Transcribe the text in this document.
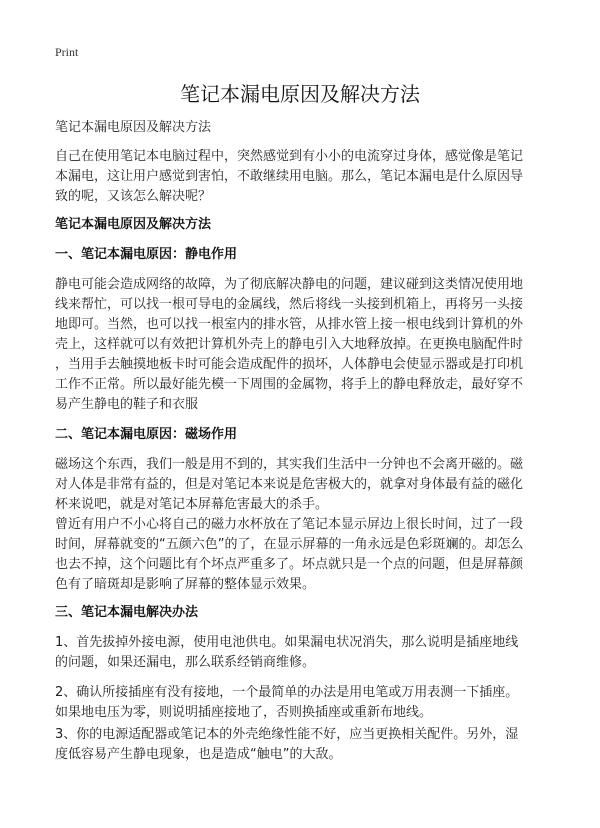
Print
笔记本漏电原因及解决方法
笔记本漏电原因及解决方法
自己在使用笔记本电脑过程中，突然感觉到有小小的电流穿过身体，感觉像是笔记
本漏电，这让用户感觉到害怕，不敢继续用电脑。那么，笔记本漏电是什么原因导
致的呢，又该怎么解决呢？
笔记本漏电原因及解决方法
一、笔记本漏电原因：静电作用
静电可能会造成网络的故障，为了彻底解决静电的问题，建议碰到这类情况使用地
线来帮忙，可以找一根可导电的金属线，然后将线一头接到机箱上，再将另一头接
地即可。当然，也可以找一根室内的排水管，从排水管上接一根电线到计算机的外
壳上，这样就可以有效把计算机外壳上的静电引入大地释放掉。在更换电脑配件时
，当用手去触摸地板卡时可能会造成配件的损坏，人体静电会使显示器或是打印机
工作不正常。所以最好能先模一下周围的金属物，将手上的静电释放走，最好穿不
易产生静电的鞋子和衣服
二、笔记本漏电原因：磁场作用
磁场这个东西，我们一般是用不到的，其实我们生活中一分钟也不会离开磁的。磁
对人体是非常有益的，但是对笔记本来说是危害极大的，就拿对身体最有益的磁化
杯来说吧，就是对笔记本屏幕危害最大的杀手。
曾近有用户不小心将自己的磁力水杯放在了笔记本显示屏边上很长时间，过了一段
时间，屏幕就变的“五颜六色”的了，在显示屏幕的一角永远是色彩斑斓的。却怎么
也去不掉，这个问题比有个坏点严重多了。坏点就只是一个点的问题，但是屏幕颜
色有了暗斑却是影响了屏幕的整体显示效果。
三、笔记本漏电解决办法
1、首先拔掉外接电源，使用电池供电。如果漏电状况消失，那么说明是插座地线
的问题，如果还漏电，那么联系经销商维修。
2、确认所接插座有没有接地，一个最简单的办法是用电笔或万用表测一下插座。
如果地电压为零，则说明插座接地了，否则换插座或重新布地线。
3、你的电源适配器或笔记本的外壳绝缘性能不好，应当更换相关配件。另外，湿
度低容易产生静电现象，也是造成“触电”的大敌。
